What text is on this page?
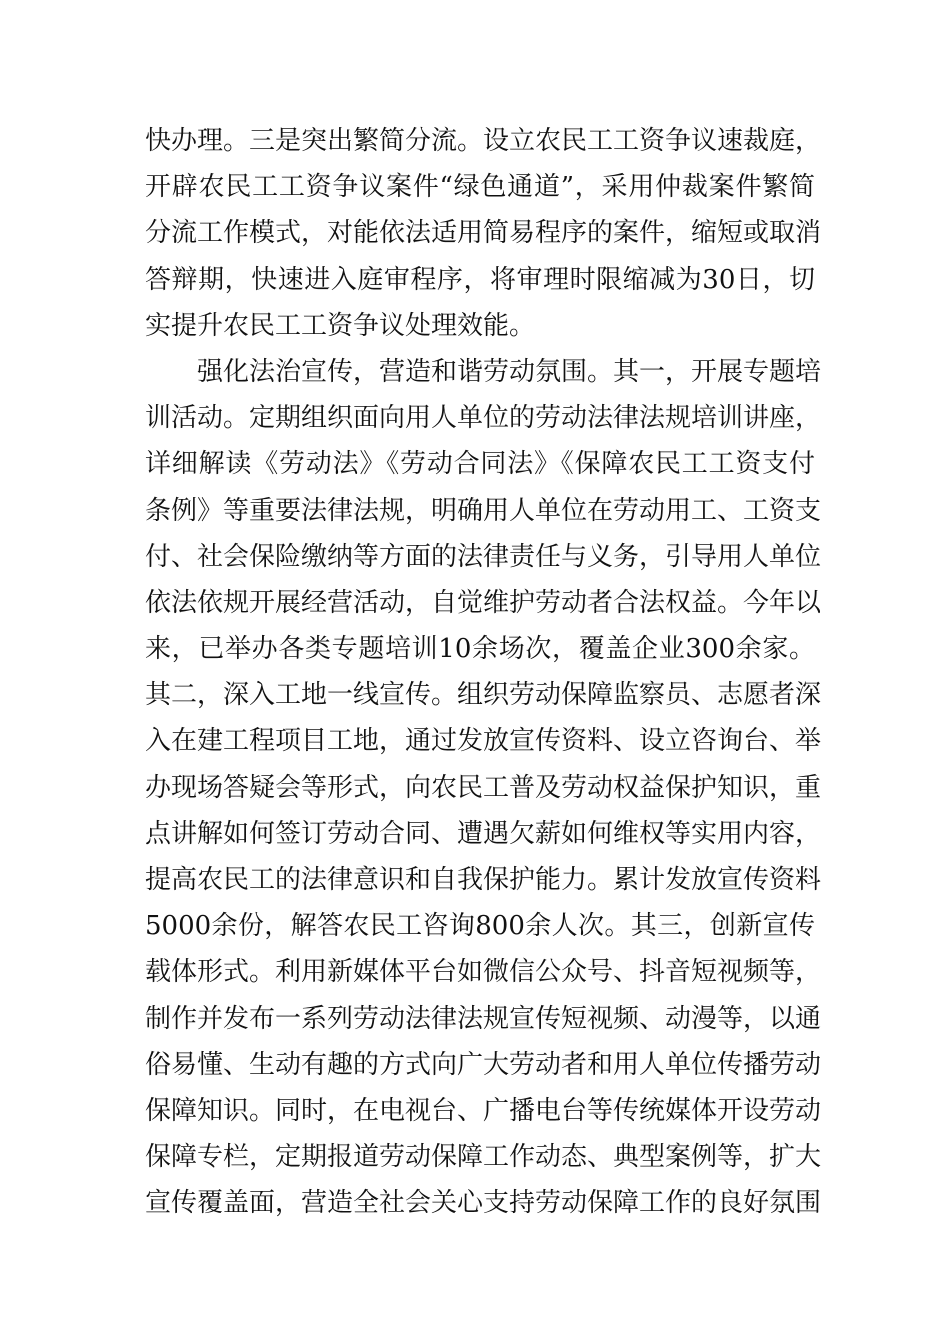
快办理。三是突出繁简分流。设立农民工工资争议速裁庭，
开辟农民工工资争议案件“绿色通道”，采用仲裁案件繁简
分流工作模式，对能依法适用简易程序的案件，缩短或取消
答辩期，快速进入庭审程序，将审理时限缩减为30日，切
实提升农民工工资争议处理效能。
强化法治宣传，营造和谐劳动氛围。其一，开展专题培
训活动。定期组织面向用人单位的劳动法律法规培训讲座，
详细解读《劳动法》《劳动合同法》《保障农民工工资支付
条例》等重要法律法规，明确用人单位在劳动用工、工资支
付、社会保险缴纳等方面的法律责任与义务，引导用人单位
依法依规开展经营活动，自觉维护劳动者合法权益。今年以
来，已举办各类专题培训10余场次，覆盖企业300余家。
其二，深入工地一线宣传。组织劳动保障监察员、志愿者深
入在建工程项目工地，通过发放宣传资料、设立咨询台、举
办现场答疑会等形式，向农民工普及劳动权益保护知识，重
点讲解如何签订劳动合同、遭遇欠薪如何维权等实用内容，
提高农民工的法律意识和自我保护能力。累计发放宣传资料
5000余份，解答农民工咨询800余人次。其三，创新宣传
载体形式。利用新媒体平台如微信公众号、抖音短视频等，
制作并发布一系列劳动法律法规宣传短视频、动漫等，以通
俗易懂、生动有趣的方式向广大劳动者和用人单位传播劳动
保障知识。同时，在电视台、广播电台等传统媒体开设劳动
保障专栏，定期报道劳动保障工作动态、典型案例等，扩大
宣传覆盖面，营造全社会关心支持劳动保障工作的良好氛围
